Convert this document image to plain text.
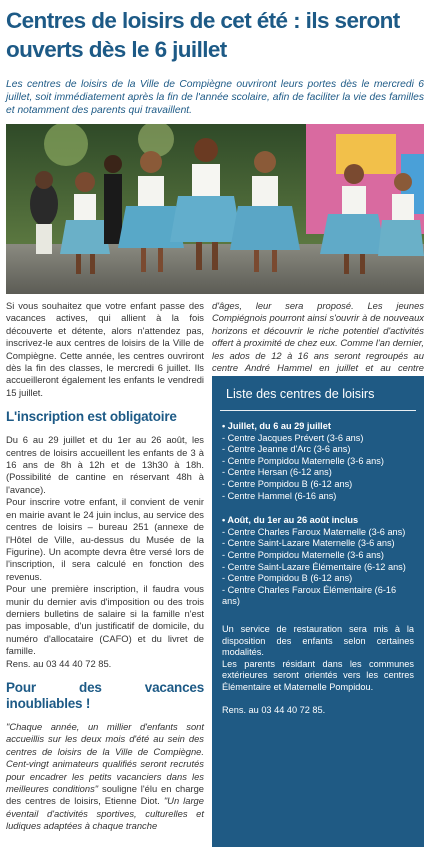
Centres de loisirs de cet été : ils seront ouverts dès le 6 juillet

Les centres de loisirs de la Ville de Compiègne ouvriront leurs portes dès le mercredi 6 juillet, soit immédiatement après la fin de l'année scolaire, afin de faciliter la vie des familles et notamment des parents qui travaillent.

Si vous souhaitez que votre enfant passe des vacances actives, qui allient à la fois découverte et détente, alors n'attendez pas, inscrivez-le aux centres de loisirs de la Ville de Compiègne. Cette année, les centres ouvriront dès la fin des classes, le mercredi 6 juillet. Ils accueilleront également les enfants le vendredi 15 juillet.
L'inscription est obligatoire
Du 6 au 29 juillet et du 1er au 26 août, les centres de loisirs accueillent les enfants de 3 à 16 ans de 8h à 12h et de 13h30 à 18h. (Possibilité de cantine en réservant 48h à l'avance).
Pour inscrire votre enfant, il convient de venir en mairie avant le 24 juin inclus, au service des centres de loisirs – bureau 251 (annexe de l'Hôtel de Ville, au-dessus du Musée de la Figurine). Un acompte devra être versé lors de l'inscription, il sera calculé en fonction des revenus.
Pour une première inscription, il faudra vous munir du dernier avis d'imposition ou des trois derniers bulletins de salaire si la famille n'est pas imposable, d'un justificatif de domicile, du numéro d'allocataire (CAFO) et du livret de famille.
Rens. au 03 44 40 72 85.
Pour des vacances inoubliables !
"Chaque année, un millier d'enfants sont accueillis sur les deux mois d'été au sein des centres de loisirs de la Ville de Compiègne. Cent-vingt animateurs qualifiés seront recrutés pour encadrer les petits vacanciers dans les meilleures conditions" souligne l'élu en charge des centres de loisirs, Etienne Diot. "Un large éventail d'activités sportives, culturelles et ludiques adaptées à chaque tranche
d'âges, leur sera proposé. Les jeunes Compiégnois pourront ainsi s'ouvrir à de nouveaux horizons et découvrir le riche potentiel d'activités offert à proximité de chez eux. Comme l'an dernier, les ados de 12 à 16 ans seront regroupés au centre André Hammel en juillet et au centre
Liste des centres de loisirs
• Juillet, du 6 au 29 juillet
- Centre Jacques Prévert (3-6 ans)
- Centre Jeanne d'Arc (3-6 ans)
- Centre Pompidou Maternelle (3-6 ans)
- Centre Hersan (6-12 ans)
- Centre Pompidou B (6-12 ans)
- Centre Hammel (6-16 ans)
• Août, du 1er au 26 août inclus
- Centre Charles Faroux Maternelle (3-6 ans)
- Centre Saint-Lazare Maternelle (3-6 ans)
- Centre Pompidou Maternelle (3-6 ans)
- Centre Saint-Lazare Élémentaire (6-12 ans)
- Centre Pompidou B (6-12 ans)
- Centre Charles Faroux Élémentaire (6-16 ans)
Un service de restauration sera mis à la disposition des enfants selon certaines modalités.
Les parents résidant dans les communes extérieures seront orientés vers les centres Élémentaire et Maternelle Pompidou.
Rens. au 03 44 40 72 85.
